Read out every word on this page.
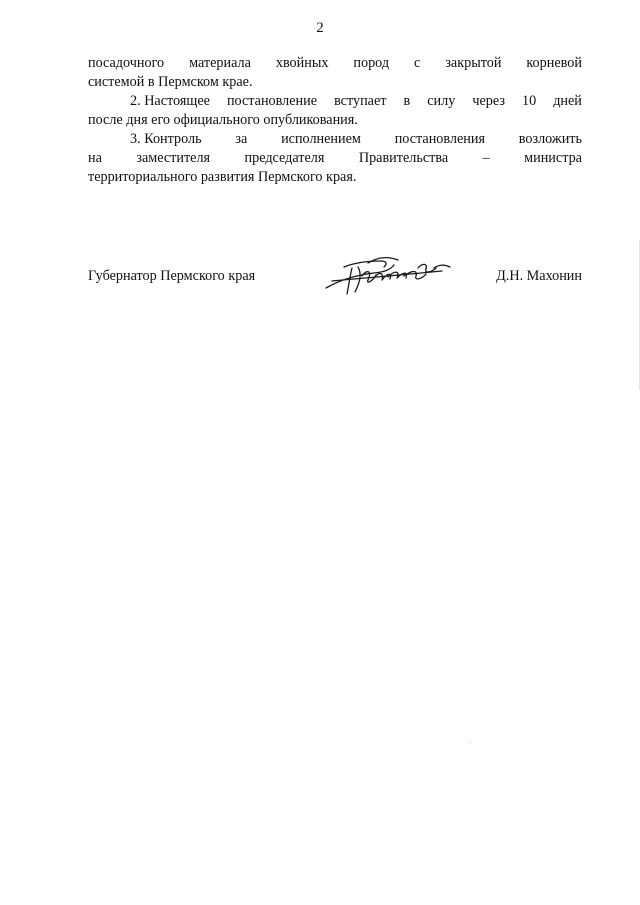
2
посадочного материала хвойных пород с закрытой корневой
системой в Пермском крае.
2. Настоящее постановление вступает в силу через 10 дней
после дня его официального опубликования.
3. Контроль за исполнением постановления возложить
на заместителя председателя Правительства – министра
территориального развития Пермского края.
Губернатор Пермского края	Д.Н. Махонин
